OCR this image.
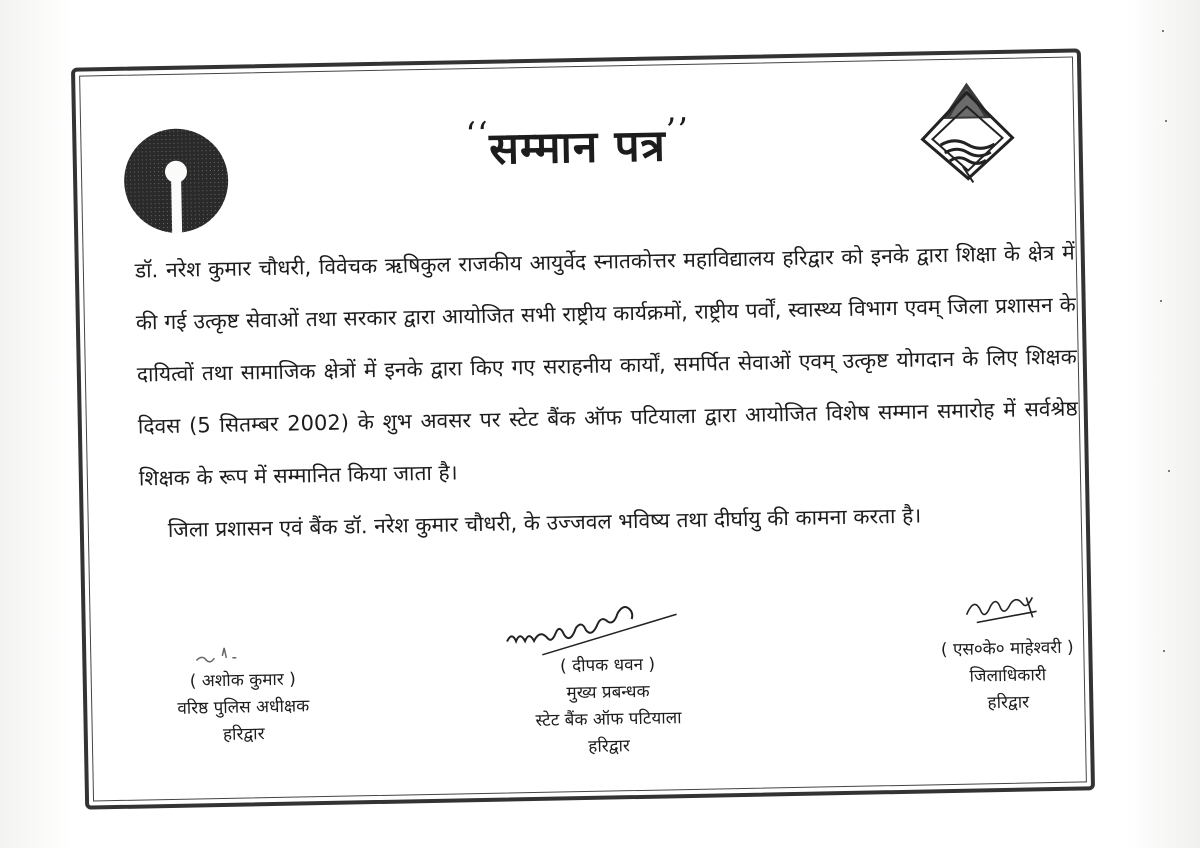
‘‘सम्मान पत्र’’

डॉ. नरेश कुमार चौधरी, विवेचक ऋषिकुल राजकीय आयुर्वेद स्नातकोत्तर महाविद्यालय हरिद्वार को इनके द्वारा शिक्षा के क्षेत्र में की गई उत्कृष्ट सेवाओं तथा सरकार द्वारा आयोजित सभी राष्ट्रीय कार्यक्रमों, राष्ट्रीय पर्वों, स्वास्थ्य विभाग एवम् जिला प्रशासन के दायित्वों तथा सामाजिक क्षेत्रों में इनके द्वारा किए गए सराहनीय कार्यों, समर्पित सेवाओं एवम् उत्कृष्ट योगदान के लिए शिक्षक दिवस (5 सितम्बर 2002) के शुभ अवसर पर स्टेट बैंक ऑफ पटियाला द्वारा आयोजित विशेष सम्मान समारोह में सर्वश्रेष्ठ शिक्षक के रूप में सम्मानित किया जाता है।

जिला प्रशासन एवं बैंक डॉ. नरेश कुमार चौधरी, के उज्जवल भविष्य तथा दीर्घायु की कामना करता है।

( अशोक कुमार )
वरिष्ठ पुलिस अधीक्षक
हरिद्वार
( दीपक धवन )
मुख्य प्रबन्धक
स्टेट बैंक ऑफ पटियाला
हरिद्वार
( एस०के० माहेश्वरी )
जिलाधिकारी
हरिद्वार
